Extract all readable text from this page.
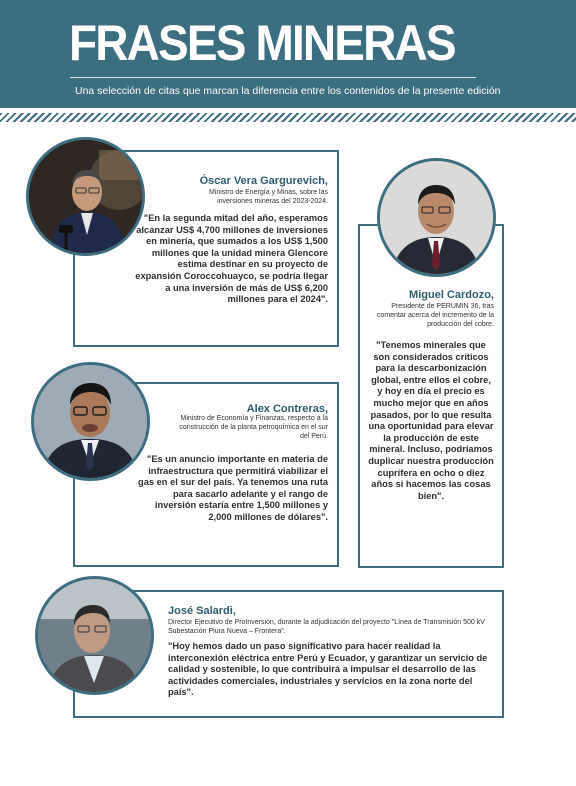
FRASES MINERAS
Una selección de citas que marcan la diferencia entre los contenidos de la presente edición
Óscar Vera Gargurevich,
Ministro de Energía y Minas, sobre las inversiones mineras del 2023-2024.
"En la segunda mitad del año, esperamos alcanzar US$ 4,700 millones de inversiones en minería, que sumados a los US$ 1,500 millones que la unidad minera Glencore estima destinar en su proyecto de expansión Coroccohuayco, se podría llegar a una inversión de más de US$ 6,200 millones para el 2024".	Miguel Cardozo,
Presidente de PERUMIN 36, tras comentar acerca del incremento de la producción del cobre.
"Tenemos minerales que son considerados críticos para la descarbonización global, entre ellos el cobre, y hoy en día el precio es mucho mejor que en años pasados, por lo que resulta una oportunidad para elevar la producción de este mineral. Incluso, podríamos duplicar nuestra producción cuprífera en ocho o diez años si hacemos las cosas bien".
Alex Contreras,
Ministro de Economía y Finanzas, respecto a la construcción de la planta petroquímica en el sur del Perú.
"Es un anuncio importante en materia de infraestructura que permitirá viabilizar el gas en el sur del país. Ya tenemos una ruta para sacarlo adelante y el rango de inversión estaría entre 1,500 millones y 2,000 millones de dólares".
José Salardi,
Director Ejecutivo de ProInversión, durante la adjudicación del proyecto "Línea de Transmisión 500 kV Subestación Piura Nueva – Frontera".
"Hoy hemos dado un paso significativo para hacer realidad la interconexión eléctrica entre Perú y Ecuador, y garantizar un servicio de calidad y sostenible, lo que contribuirá a impulsar el desarrollo de las actividades comerciales, industriales y servicios en la zona norte del país".
